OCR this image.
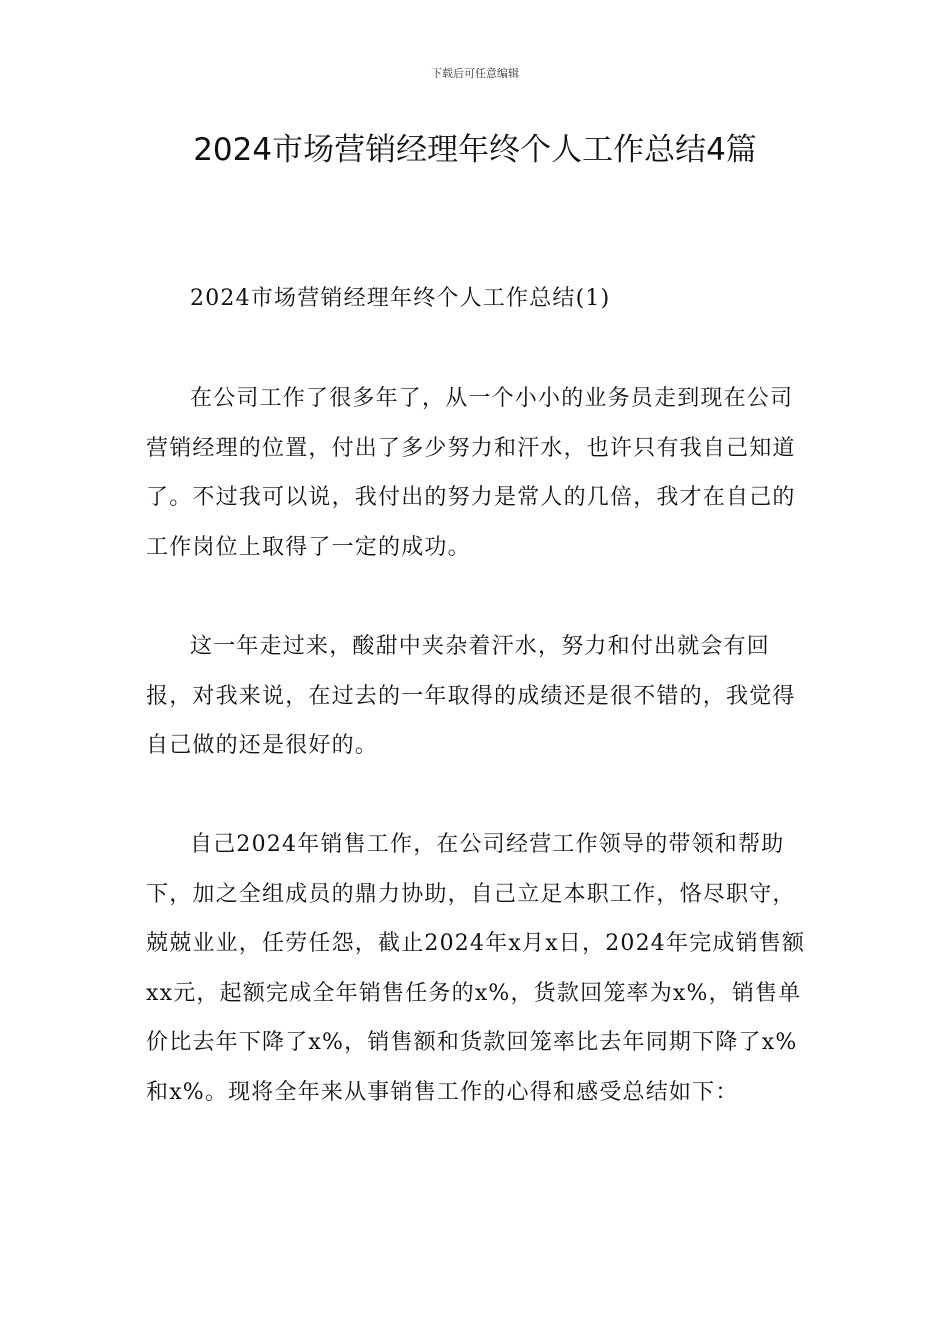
下载后可任意编辑
2024市场营销经理年终个人工作总结4篇

2024市场营销经理年终个人工作总结(1)

在公司工作了很多年了，从一个小小的业务员走到现在公司营销经理的位置，付出了多少努力和汗水，也许只有我自己知道了。不过我可以说，我付出的努力是常人的几倍，我才在自己的工作岗位上取得了一定的成功。

这一年走过来，酸甜中夹杂着汗水，努力和付出就会有回报，对我来说，在过去的一年取得的成绩还是很不错的，我觉得自己做的还是很好的。

自己2024年销售工作，在公司经营工作领导的带领和帮助下，加之全组成员的鼎力协助，自己立足本职工作，恪尽职守，兢兢业业，任劳任怨，截止2024年x月x日，2024年完成销售额xx元，起额完成全年销售任务的x%，货款回笼率为x%，销售单价比去年下降了x%，销售额和货款回笼率比去年同期下降了x%和x%。现将全年来从事销售工作的心得和感受总结如下：
